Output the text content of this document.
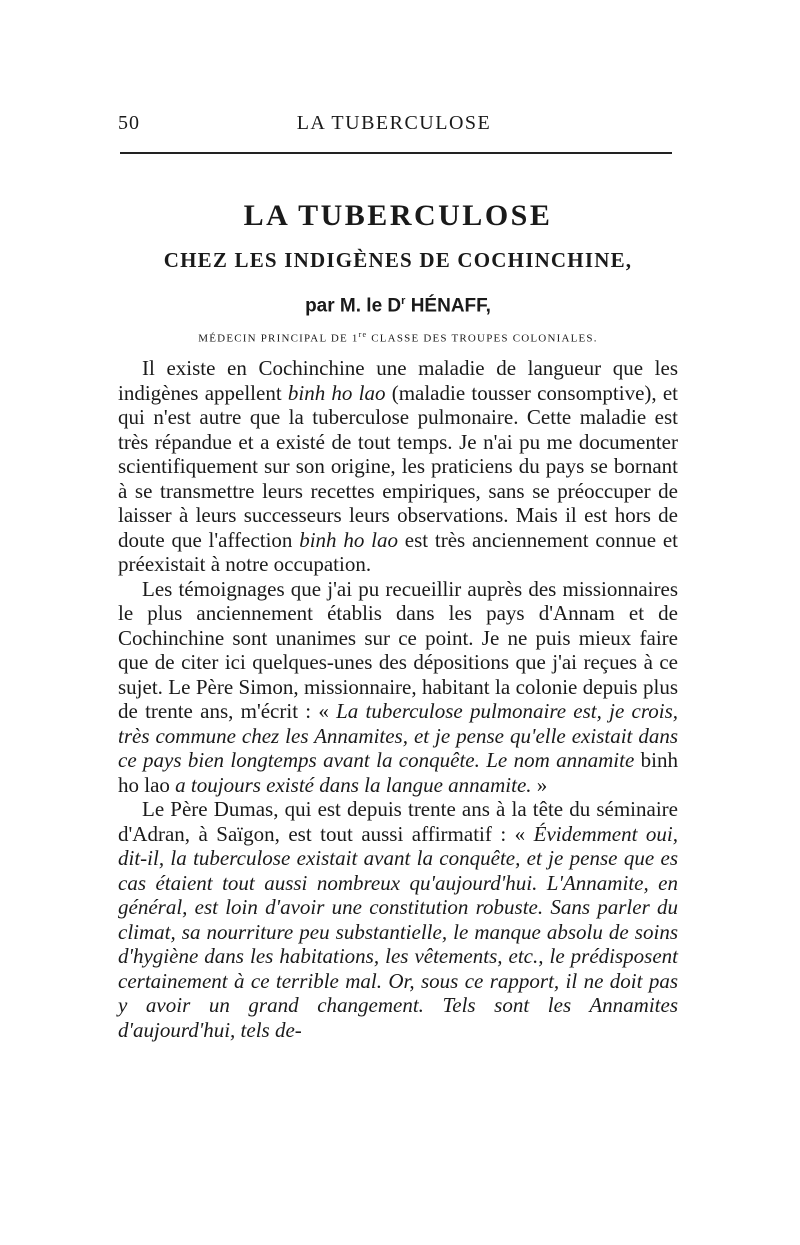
50	LA TUBERCULOSE
LA TUBERCULOSE
CHEZ LES INDIGÈNES DE COCHINCHINE,
par M. le $D^r$ HÉNAFF,
MÉDECIN PRINCIPAL DE 1re CLASSE DES TROUPES COLONIALES.

Il existe en Cochinchine une maladie de langueur que les indigènes appellent binh ho lao (maladie tousser consomptive), et qui n'est autre que la tuberculose pulmonaire. Cette maladie est très répandue et a existé de tout temps. Je n'ai pu me documenter scientifiquement sur son origine, les praticiens du pays se bornant à se transmettre leurs recettes empiriques, sans se préoccuper de laisser à leurs successeurs leurs observations. Mais il est hors de doute que l'affection binh ho lao est très anciennement connue et préexistait à notre occupation.

Les témoignages que j'ai pu recueillir auprès des missionnaires le plus anciennement établis dans les pays d'Annam et de Cochinchine sont unanimes sur ce point. Je ne puis mieux faire que de citer ici quelques-unes des dépositions que j'ai reçues à ce sujet. Le Père Simon, missionnaire, habitant la colonie depuis plus de trente ans, m'écrit : « La tuberculose pulmonaire est, je crois, très commune chez les Annamites, et je pense qu'elle existait dans ce pays bien longtemps avant la conquête. Le nom annamite binh ho lao a toujours existé dans la langue annamite. »

Le Père Dumas, qui est depuis trente ans à la tête du séminaire d'Adran, à Saïgon, est tout aussi affirmatif : « Évidemment oui, dit-il, la tuberculose existait avant la conquête, et je pense que es cas étaient tout aussi nombreux qu'aujourd'hui. L'Annamite, en général, est loin d'avoir une constitution robuste. Sans parler du climat, sa nourriture peu substantielle, le manque absolu de soins d'hygiène dans les habitations, les vêtements, etc., le prédisposent certainement à ce terrible mal. Or, sous ce rapport, il ne doit pas y avoir un grand changement. Tels sont les Annamites d'aujourd'hui, tels de-
